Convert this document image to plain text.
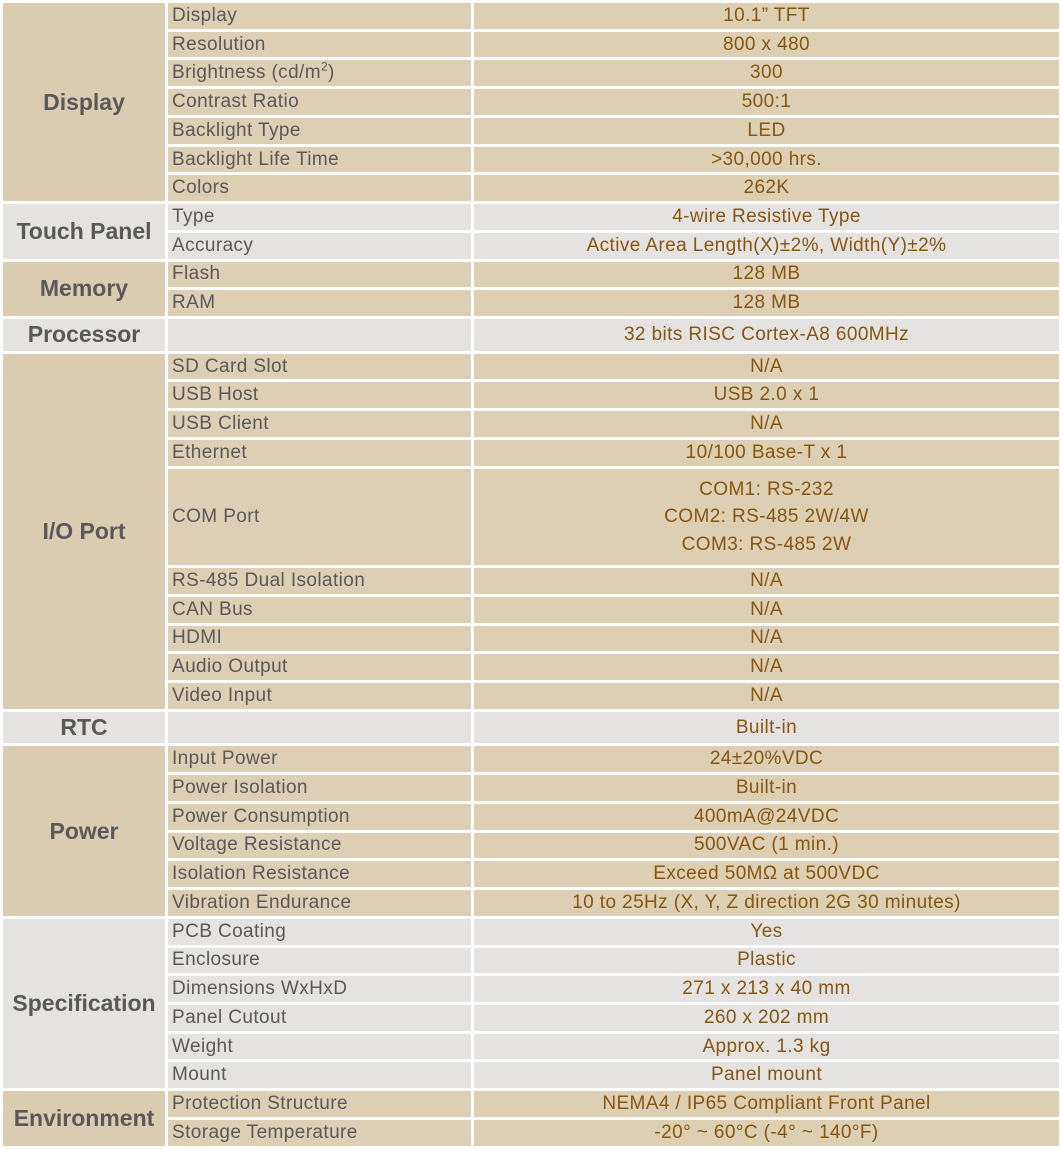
Display	Display	10.1” TFT
	Resolution	800 x 480
	Brightness $(cd/m^2)$	300
	Contrast Ratio	500:1
	Backlight Type	LED
	Backlight Life Time	>30,000 hrs.
	Colors	262K
Touch Panel	Type	4-wire Resistive Type
	Accuracy	Active Area Length(X)±2%, Width(Y)±2%
Memory	Flash	128 MB
	RAM	128 MB
Processor		32 bits RISC Cortex-A8 600MHz
I/O Port	SD Card Slot	N/A
	USB Host	USB 2.0 x 1
	USB Client	N/A
	Ethernet	10/100 Base-T x 1
	COM Port	COM1: RS-232
COM2: RS-485 2W/4W
COM3: RS-485 2W

	RS-485 Dual Isolation	N/A
	CAN Bus	N/A
	HDMI	N/A
	Audio Output	N/A
	Video Input	N/A
RTC		Built-in
Power	Input Power	24±20%VDC
	Power Isolation	Built-in
	Power Consumption	400mA@24VDC
	Voltage Resistance	500VAC (1 min.)
	Isolation Resistance	Exceed 50MΩ at 500VDC
	Vibration Endurance	10 to 25Hz (X, Y, Z direction 2G 30 minutes)
Specification	PCB Coating	Yes
	Enclosure	Plastic
	Dimensions WxHxD	271 x 213 x 40 mm
	Panel Cutout	260 x 202 mm
	Weight	Approx. 1.3 kg
	Mount	Panel mount
Environment	Protection Structure	NEMA4 / IP65 Compliant Front Panel
	Storage Temperature	-20° ~ 60°C (-4° ~ 140°F)
